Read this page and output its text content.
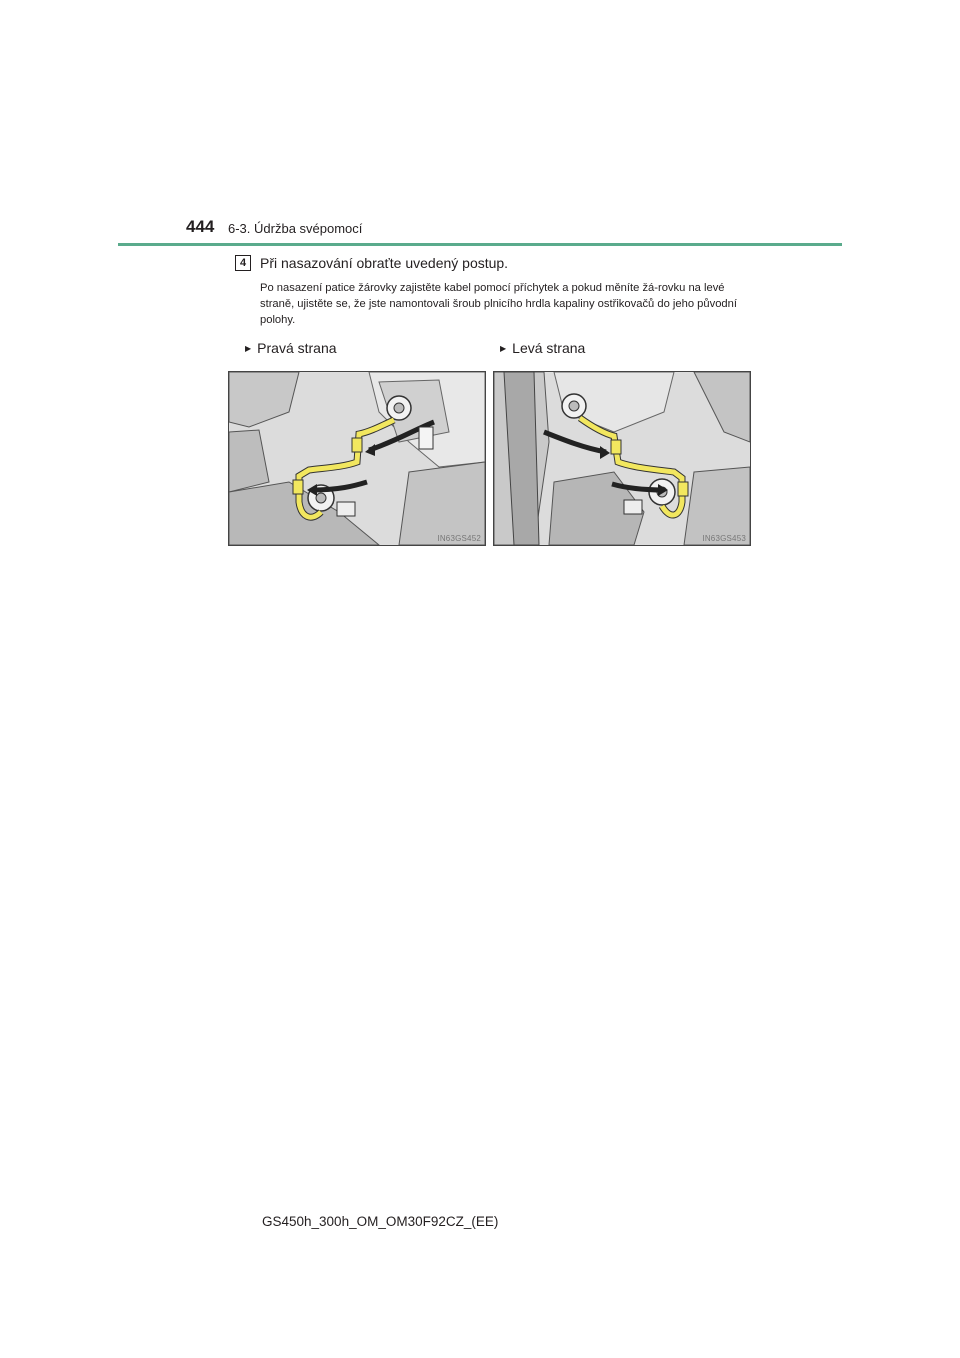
444 6-3. Údržba svépomocí
4 Při nasazování obraťte uvedený postup.
Po nasazení patice žárovky zajistěte kabel pomocí příchytek a pokud měníte žá-rovku na levé straně, ujistěte se, že jste namontovali šroub plnicího hrdla kapaliny ostřikovačů do jeho původní polohy.
▶ Pravá strana	▶ Levá strana
IN63GS452	IN63GS453
GS450h_300h_OM_OM30F92CZ_(EE)
